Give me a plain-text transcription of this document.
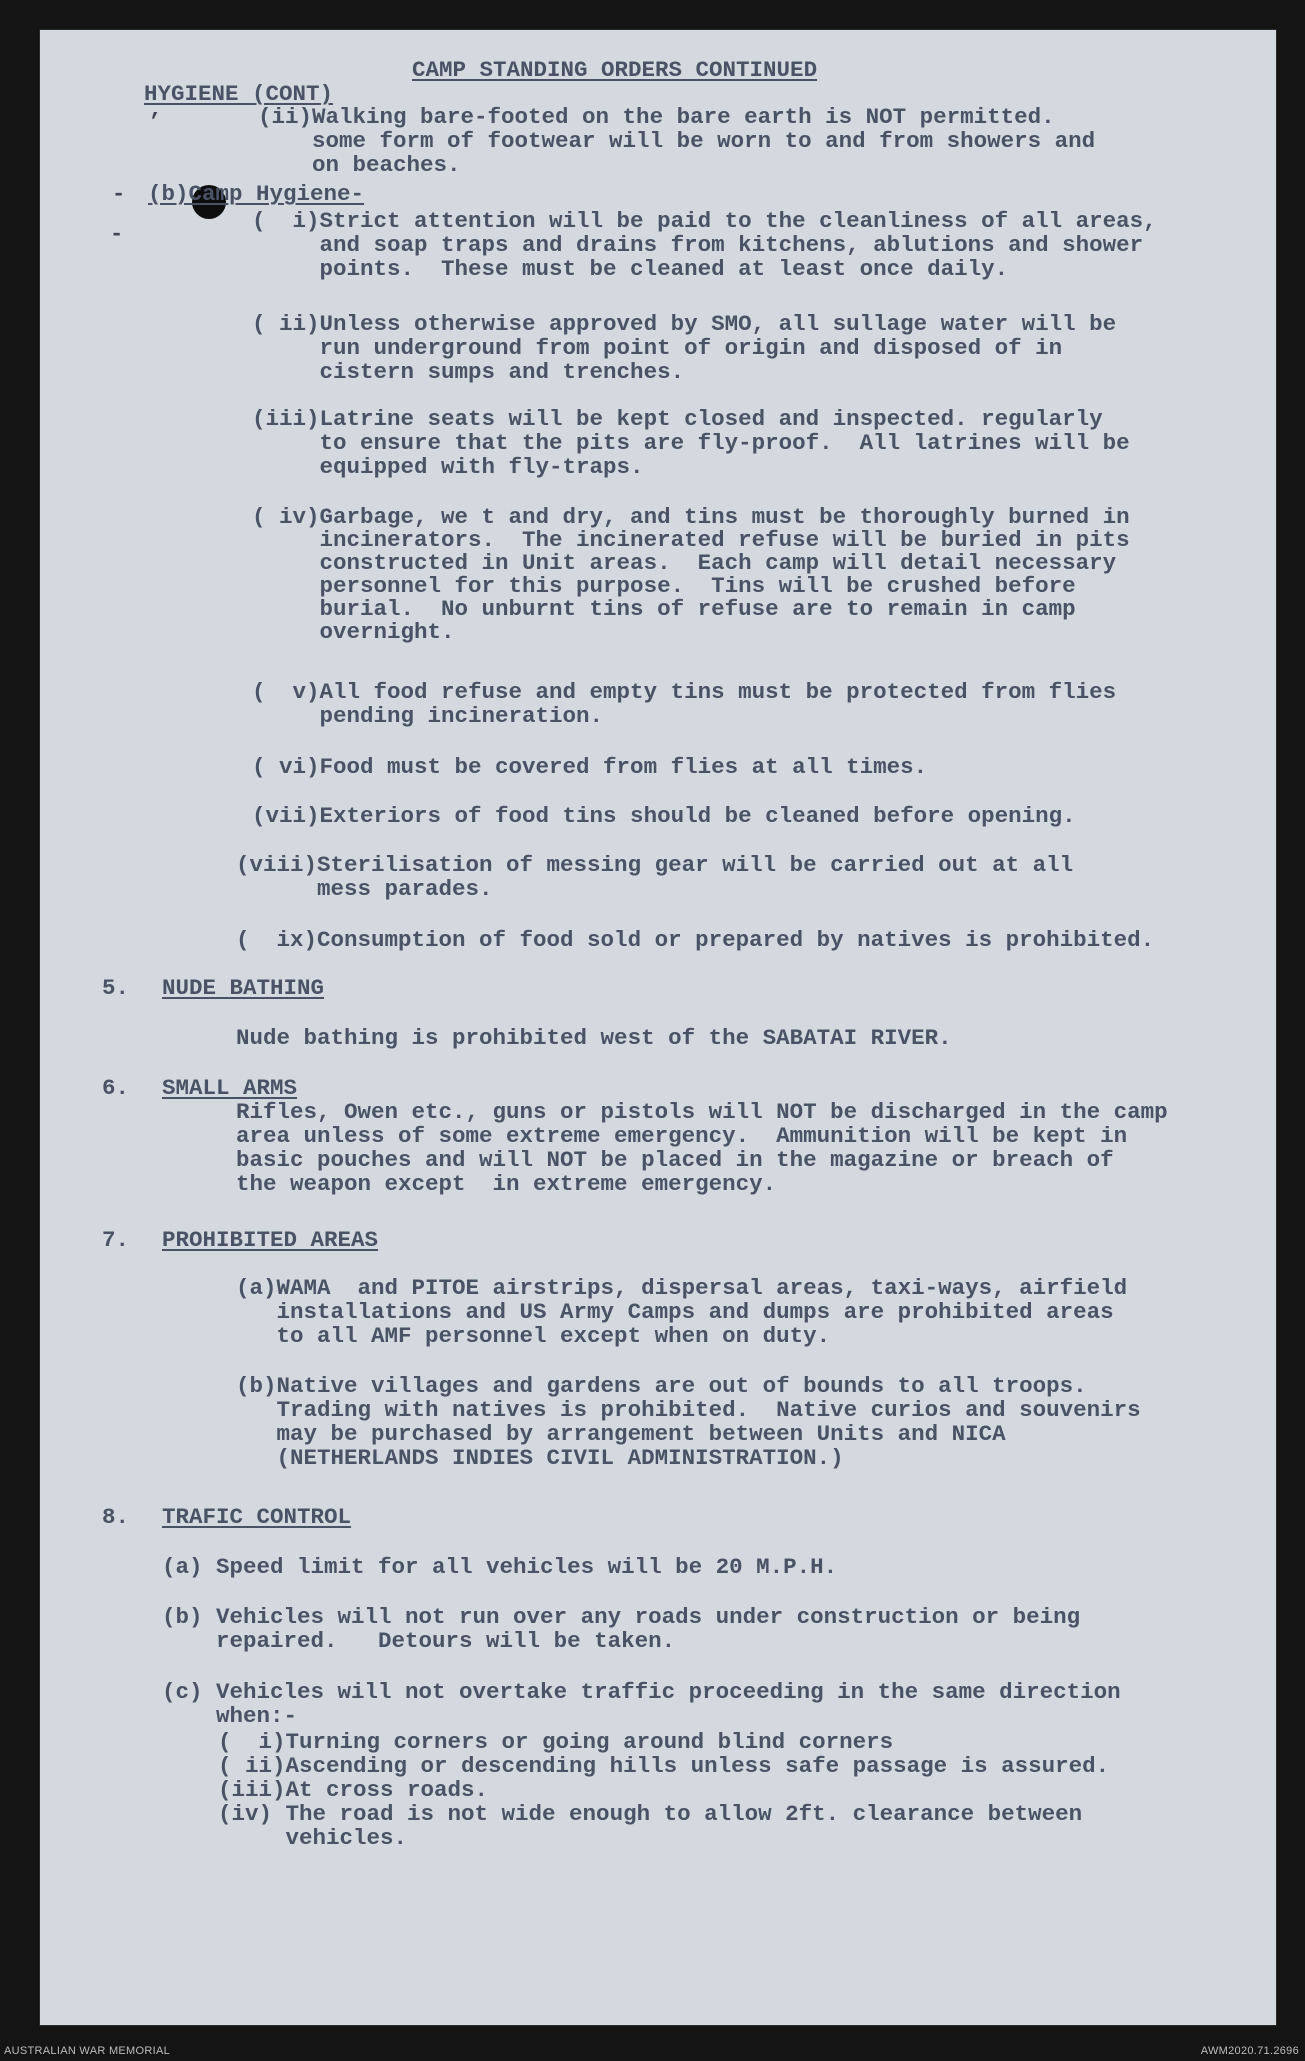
CAMP STANDING ORDERS CONTINUED
HYGIENE (CONT)
’
-
-
(ii)Walking bare-footed on the bare earth is NOT permitted.
some form of footwear will be worn to and from showers and
on beaches.
(b)Camp Hygiene-
(  i)Strict attention will be paid to the cleanliness of all areas,
and soap traps and drains from kitchens, ablutions and shower
points.  These must be cleaned at least once daily.
( ii)Unless otherwise approved by SMO, all sullage water will be
run underground from point of origin and disposed of in
cistern sumps and trenches.
(iii)Latrine seats will be kept closed and inspected. regularly
to ensure that the pits are fly-proof.  All latrines will be
equipped with fly-traps.
( iv)Garbage, we t and dry, and tins must be thoroughly burned in
incinerators.  The incinerated refuse will be buried in pits
constructed in Unit areas.  Each camp will detail necessary
personnel for this purpose.  Tins will be crushed before
burial.  No unburnt tins of refuse are to remain in camp
overnight.
(  v)All food refuse and empty tins must be protected from flies
pending incineration.
( vi)Food must be covered from flies at all times.
(vii)Exteriors of food tins should be cleaned before opening.
(viii)Sterilisation of messing gear will be carried out at all
mess parades.
(  ix)Consumption of food sold or prepared by natives is prohibited.
5. NUDE BATHING
Nude bathing is prohibited west of the SABATAI RIVER.
6. SMALL ARMS
Rifles, Owen etc., guns or pistols will NOT be discharged in the camp
area unless of some extreme emergency.  Ammunition will be kept in
basic pouches and will NOT be placed in the magazine or breach of
the weapon except  in extreme emergency.
7. PROHIBITED AREAS
(a)WAMA  and PITOE airstrips, dispersal areas, taxi-ways, airfield
installations and US Army Camps and dumps are prohibited areas
to all AMF personnel except when on duty.
(b)Native villages and gardens are out of bounds to all troops.
Trading with natives is prohibited.  Native curios and souvenirs
may be purchased by arrangement between Units and NICA
(NETHERLANDS INDIES CIVIL ADMINISTRATION.)
8. TRAFIC CONTROL
(a) Speed limit for all vehicles will be 20 M.P.H.
(b) Vehicles will not run over any roads under construction or being
repaired.   Detours will be taken.
(c) Vehicles will not overtake traffic proceeding in the same direction
when:-
(  i)Turning corners or going around blind corners
( ii)Ascending or descending hills unless safe passage is assured.
(iii)At cross roads.
(iv) The road is not wide enough to allow 2ft. clearance between
vehicles.
AUSTRALIAN WAR MEMORIAL	AWM2020.71.2696
